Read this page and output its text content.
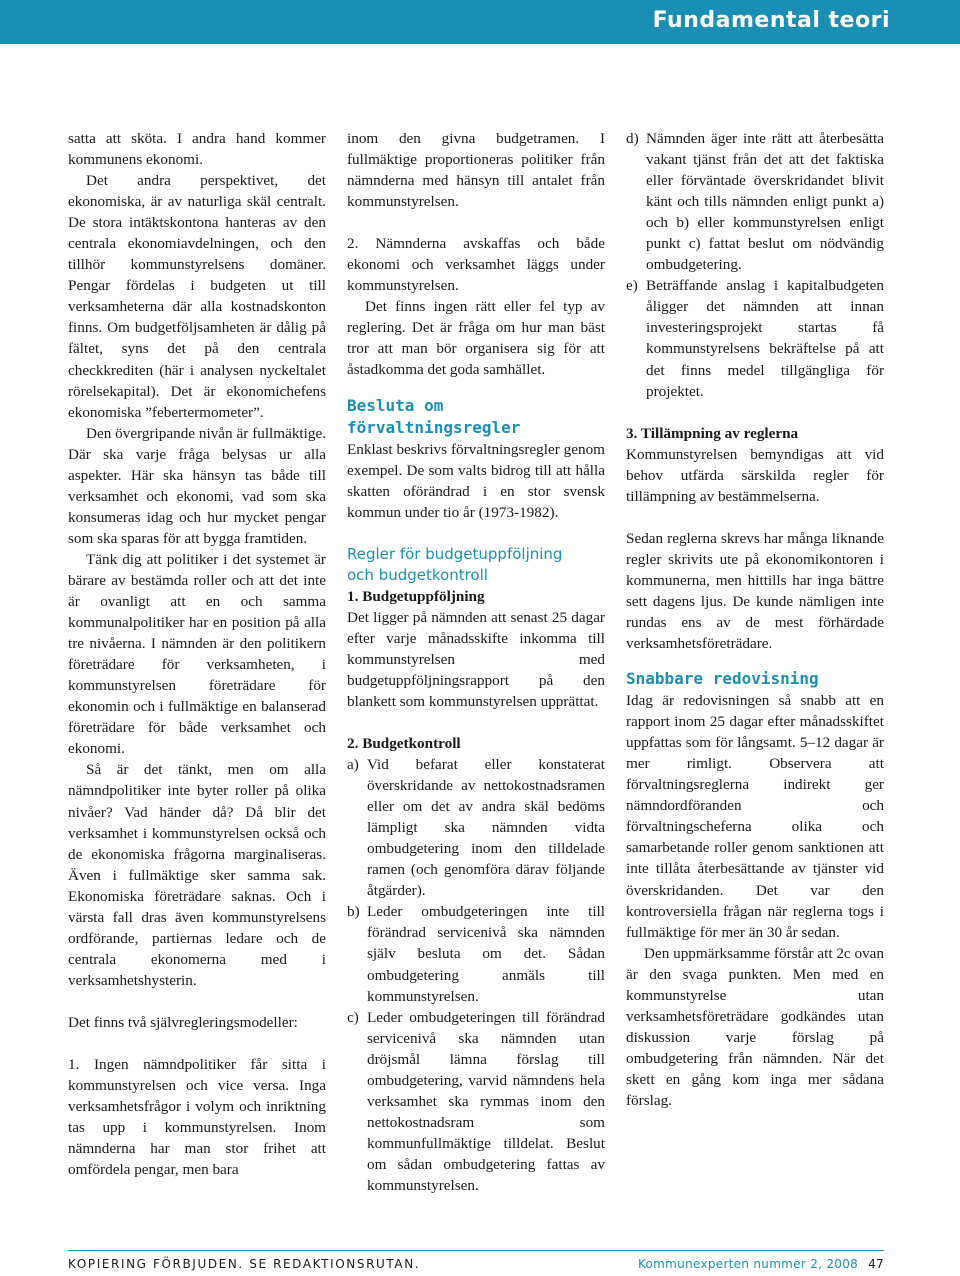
Fundamental teori

satta att sköta. I andra hand kommer kommunens ekonomi.

Det andra perspektivet, det ekonomiska, är av naturliga skäl centralt. De stora intäktskontona hanteras av den centrala ekonomiavdelningen, och den tillhör kommunstyrelsens domäner. Pengar fördelas i budgeten ut till verksamheterna där alla kostnadskonton finns. Om budgetföljsamheten är dålig på fältet, syns det på den centrala checkkrediten (här i analysen nyckeltalet rörelsekapital). Det är ekonomichefens ekonomiska ”febertermometer”.

Den övergripande nivån är fullmäktige. Där ska varje fråga belysas ur alla aspekter. Här ska hänsyn tas både till verksamhet och ekonomi, vad som ska konsumeras idag och hur mycket pengar som ska sparas för att bygga framtiden.

Tänk dig att politiker i det systemet är bärare av bestämda roller och att det inte är ovanligt att en och samma kommunalpolitiker har en position på alla tre nivåerna. I nämnden är den politikern företrädare för verksamheten, i kommunstyrelsen företrädare för ekonomin och i fullmäktige en balanserad företrädare för både verksamhet och ekonomi.

Så är det tänkt, men om alla nämndpolitiker inte byter roller på olika nivåer? Vad händer då? Då blir det verksamhet i kommunstyrelsen också och de ekonomiska frågorna marginaliseras. Även i fullmäktige sker samma sak. Ekonomiska företrädare saknas. Och i värsta fall dras även kommunstyrelsens ordförande, partiernas ledare och de centrala ekonomerna med i verksamhetshysterin.

Det finns två självregleringsmodeller:

1. Ingen nämndpolitiker får sitta i kommunstyrelsen och vice versa. Inga verksamhetsfrågor i volym och inriktning tas upp i kommunstyrelsen. Inom nämnderna har man stor frihet att omfördela pengar, men bara

inom den givna budgetramen. I fullmäktige proportioneras politiker från nämnderna med hänsyn till antalet från kommunstyrelsen.

2. Nämnderna avskaffas och både ekonomi och verksamhet läggs under kommunstyrelsen.

Det finns ingen rätt eller fel typ av reglering. Det är fråga om hur man bäst tror att man bör organisera sig för att åstadkomma det goda samhället.

Besluta om förvaltningsregler

Enklast beskrivs förvaltningsregler genom exempel. De som valts bidrog till att hålla skatten oförändrad i en stor svensk kommun under tio år (1973-1982).

Regler för budgetuppföljning

och budgetkontroll

1. Budgetuppföljning

Det ligger på nämnden att senast 25 dagar efter varje månadsskifte inkomma till kommunstyrelsen med budgetuppföljningsrapport på den blankett som kommunstyrelsen upprättat.

2. Budgetkontroll

a) Vid befarat eller konstaterat överskridande av nettokostnadsramen eller om det av andra skäl bedöms lämpligt ska nämnden vidta ombudgetering inom den tilldelade ramen (och genomföra därav följande åtgärder).
b) Leder ombudgeteringen inte till förändrad servicenivå ska nämnden själv besluta om det. Sådan ombudgetering anmäls till kommunstyrelsen.
c) Leder ombudgeteringen till förändrad servicenivå ska nämnden utan dröjsmål lämna förslag till ombudgetering, varvid nämndens hela verksamhet ska rymmas inom den nettokostnadsram som kommunfullmäktige tilldelat. Beslut om sådan ombudgetering fattas av kommunstyrelsen.
d) Nämnden äger inte rätt att återbesätta vakant tjänst från det att det faktiska eller förväntade överskridandet blivit känt och tills nämnden enligt punkt a) och b) eller kommunstyrelsen enligt punkt c) fattat beslut om nödvändig ombudgetering.
e) Beträffande anslag i kapitalbudgeten åligger det nämnden att innan investeringsprojekt startas få kommunstyrelsens bekräftelse på att det finns medel tillgängliga för projektet.

3. Tillämpning av reglerna

Kommunstyrelsen bemyndigas att vid behov utfärda särskilda regler för tillämpning av bestämmelserna.

Sedan reglerna skrevs har många liknande regler skrivits ute på ekonomikontoren i kommunerna, men hittills har inga bättre sett dagens ljus. De kunde nämligen inte rundas ens av de mest förhärdade verksamhetsföreträdare.

Snabbare redovisning

Idag är redovisningen så snabb att en rapport inom 25 dagar efter månadsskiftet uppfattas som för långsamt. 5–12 dagar är mer rimligt. Observera att förvaltningsreglerna indirekt ger nämndordföranden och förvaltningscheferna olika och samarbetande roller genom sanktionen att inte tillåta återbesättande av tjänster vid överskridanden. Det var den kontroversiella frågan när reglerna togs i fullmäktige för mer än 30 år sedan.

Den uppmärksamme förstår att 2c ovan är den svaga punkten. Men med en kommunstyrelse utan verksamhetsföreträdare godkändes utan diskussion varje förslag på ombudgetering från nämnden. När det skett en gång kom inga mer sådana förslag.

KOPIERING FÖRBJUDEN. SE REDAKTIONSRUTAN.	Kommunexperten nummer 2, 2008 47
